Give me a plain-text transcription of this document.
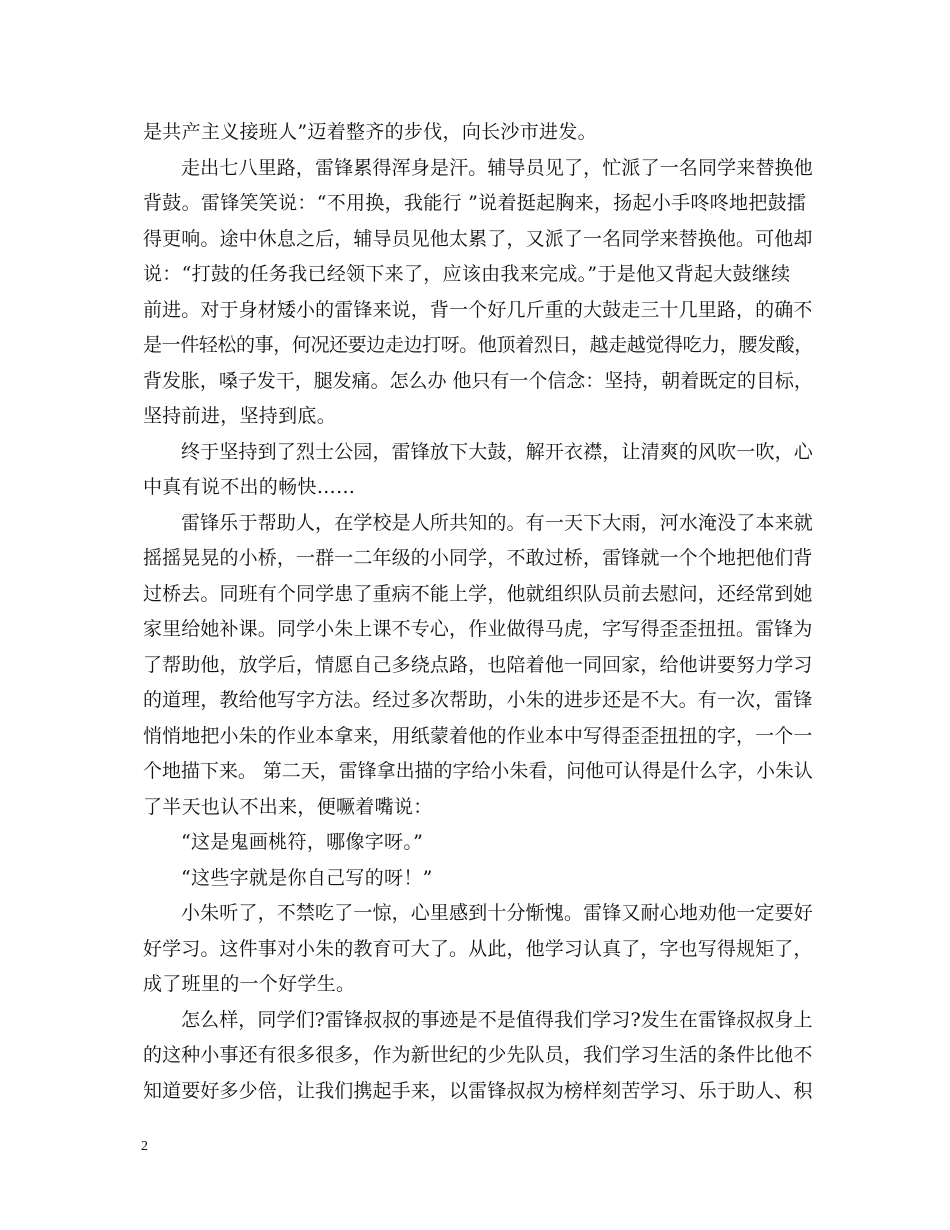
是共产主义接班人”迈着整齐的步伐，向长沙市进发。
走出七八里路，雷锋累得浑身是汗。辅导员见了，忙派了一名同学来替换他
背鼓。雷锋笑笑说：“不用换，我能行 ”说着挺起胸来，扬起小手咚咚地把鼓擂
得更响。途中休息之后，辅导员见他太累了，又派了一名同学来替换他。可他却
说：“打鼓的任务我已经领下来了，应该由我来完成。”于是他又背起大鼓继续
前进。对于身材矮小的雷锋来说，背一个好几斤重的大鼓走三十几里路，的确不
是一件轻松的事，何况还要边走边打呀。他顶着烈日，越走越觉得吃力，腰发酸，
背发胀，嗓子发干，腿发痛。怎么办 他只有一个信念：坚持，朝着既定的目标，
坚持前进，坚持到底。
终于坚持到了烈士公园，雷锋放下大鼓，解开衣襟，让清爽的风吹一吹，心
中真有说不出的畅快……
雷锋乐于帮助人，在学校是人所共知的。有一天下大雨，河水淹没了本来就
摇摇晃晃的小桥，一群一二年级的小同学，不敢过桥，雷锋就一个个地把他们背
过桥去。同班有个同学患了重病不能上学，他就组织队员前去慰问，还经常到她
家里给她补课。同学小朱上课不专心，作业做得马虎，字写得歪歪扭扭。雷锋为
了帮助他，放学后，情愿自己多绕点路，也陪着他一同回家，给他讲要努力学习
的道理，教给他写字方法。经过多次帮助，小朱的进步还是不大。有一次，雷锋
悄悄地把小朱的作业本拿来，用纸蒙着他的作业本中写得歪歪扭扭的字，一个一
个地描下来。 第二天，雷锋拿出描的字给小朱看，问他可认得是什么字，小朱认
了半天也认不出来，便噘着嘴说：
“这是鬼画桃符，哪像字呀。”
“这些字就是你自己写的呀！”
小朱听了，不禁吃了一惊，心里感到十分惭愧。雷锋又耐心地劝他一定要好
好学习。这件事对小朱的教育可大了。从此，他学习认真了，字也写得规矩了，
成了班里的一个好学生。
怎么样，同学们?雷锋叔叔的事迹是不是值得我们学习?发生在雷锋叔叔身上
的这种小事还有很多很多，作为新世纪的少先队员，我们学习生活的条件比他不
知道要好多少倍，让我们携起手来，以雷锋叔叔为榜样刻苦学习、乐于助人、积
2
